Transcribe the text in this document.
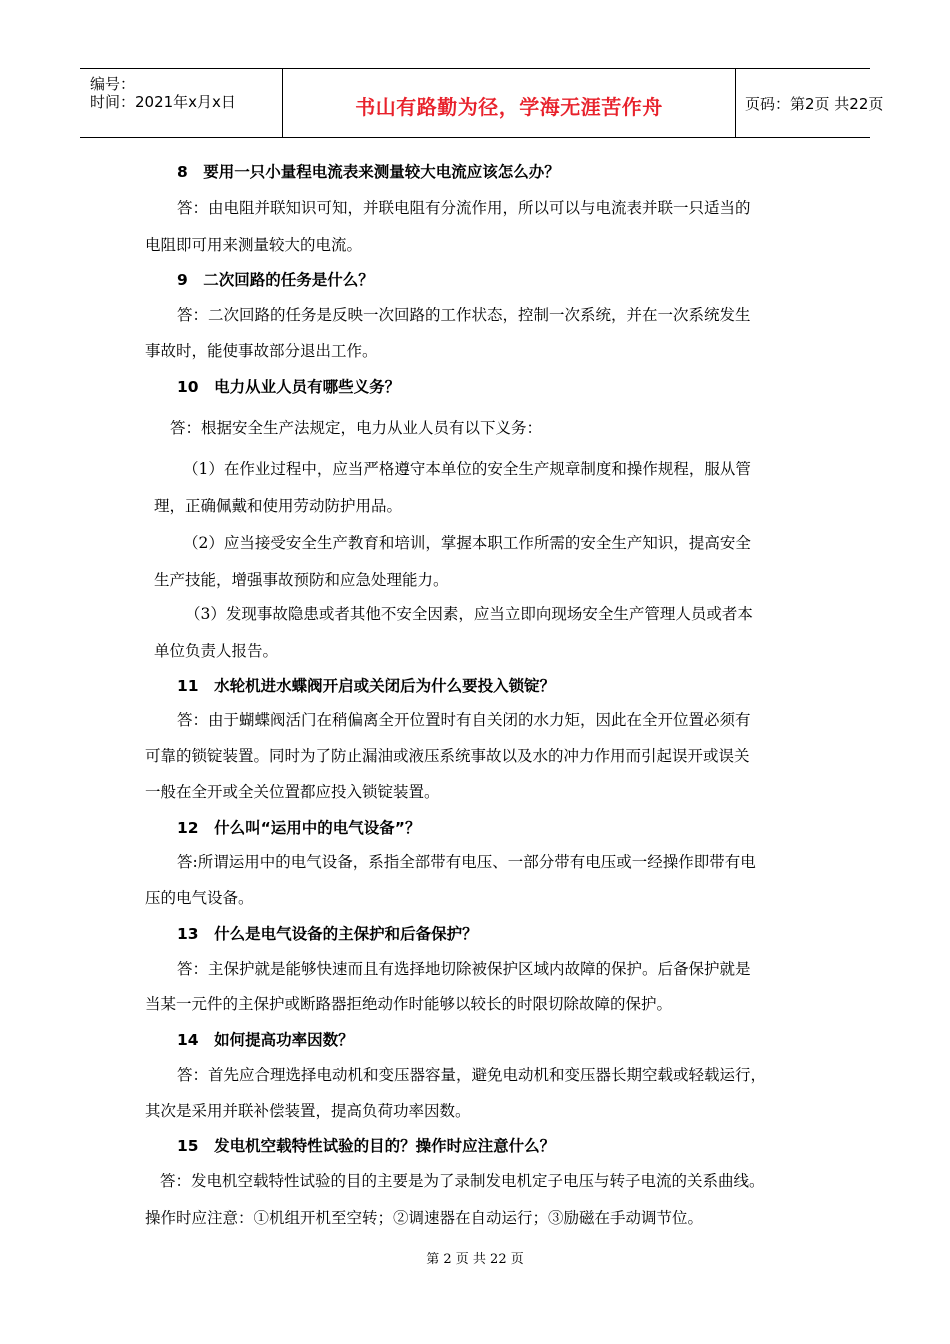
编号：
时间：2021年x月x日	书山有路勤为径，学海无涯苦作舟	页码：第2页 共22页
8　要用一只小量程电流表来测量较大电流应该怎么办？
答：由电阻并联知识可知，并联电阻有分流作用，所以可以与电流表并联一只适当的
电阻即可用来测量较大的电流。
9　二次回路的任务是什么？
答：二次回路的任务是反映一次回路的工作状态，控制一次系统，并在一次系统发生
事故时，能使事故部分退出工作。
10　电力从业人员有哪些义务？
答：根据安全生产法规定，电力从业人员有以下义务：
（1）在作业过程中，应当严格遵守本单位的安全生产规章制度和操作规程，服从管
理，正确佩戴和使用劳动防护用品。
（2）应当接受安全生产教育和培训，掌握本职工作所需的安全生产知识，提高安全
生产技能，增强事故预防和应急处理能力。
（3）发现事故隐患或者其他不安全因素，应当立即向现场安全生产管理人员或者本
单位负责人报告。
11　水轮机进水蝶阀开启或关闭后为什么要投入锁锭？
答：由于蝴蝶阀活门在稍偏离全开位置时有自关闭的水力矩，因此在全开位置必须有
可靠的锁锭装置。同时为了防止漏油或液压系统事故以及水的冲力作用而引起误开或误关
一般在全开或全关位置都应投入锁锭装置。
12　什么叫“运用中的电气设备”？
答:所谓运用中的电气设备，系指全部带有电压、一部分带有电压或一经操作即带有电
压的电气设备。
13　什么是电气设备的主保护和后备保护？
答：主保护就是能够快速而且有选择地切除被保护区域内故障的保护。后备保护就是
当某一元件的主保护或断路器拒绝动作时能够以较长的时限切除故障的保护。
14　如何提高功率因数？
答：首先应合理选择电动机和变压器容量，避免电动机和变压器长期空载或轻载运行，
其次是采用并联补偿装置，提高负荷功率因数。
15　发电机空载特性试验的目的？操作时应注意什么？
答：发电机空载特性试验的目的主要是为了录制发电机定子电压与转子电流的关系曲线。
操作时应注意：①机组开机至空转；②调速器在自动运行；③励磁在手动调节位。
第 2 页 共 22 页
